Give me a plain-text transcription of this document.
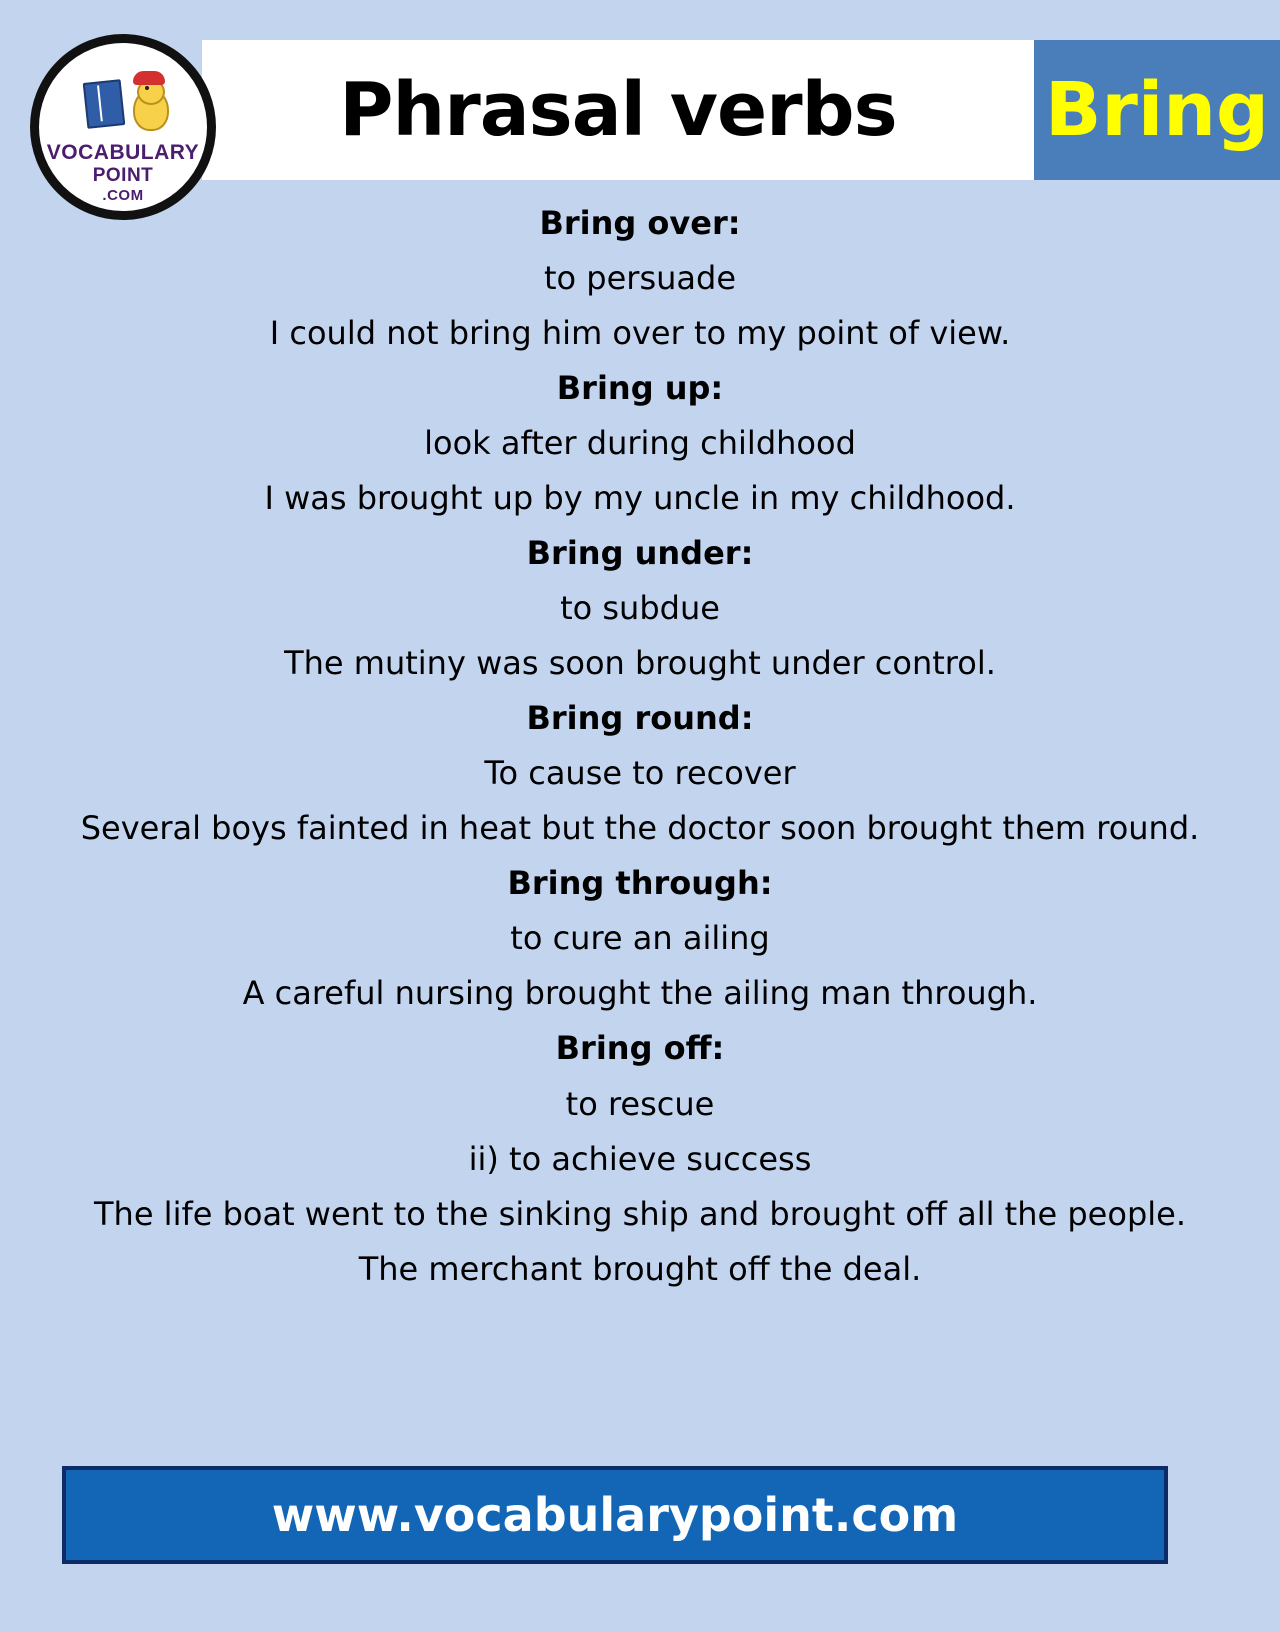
Phrasal verbs Bring
VOCABULARY
POINT
.COM
Bring over:
to persuade
I could not bring him over to my point of view.
Bring up:
look after during childhood
I was brought up by my uncle in my childhood.
Bring under:
to subdue
The mutiny was soon brought under control.
Bring round:
To cause to recover
Several boys fainted in heat but the doctor soon brought them round.
Bring through:
to cure an ailing
A careful nursing brought the ailing man through.
Bring off:
to rescue
ii) to achieve success
The life boat went to the sinking ship and brought off all the people.
The merchant brought off the deal.
www.vocabularypoint.com
